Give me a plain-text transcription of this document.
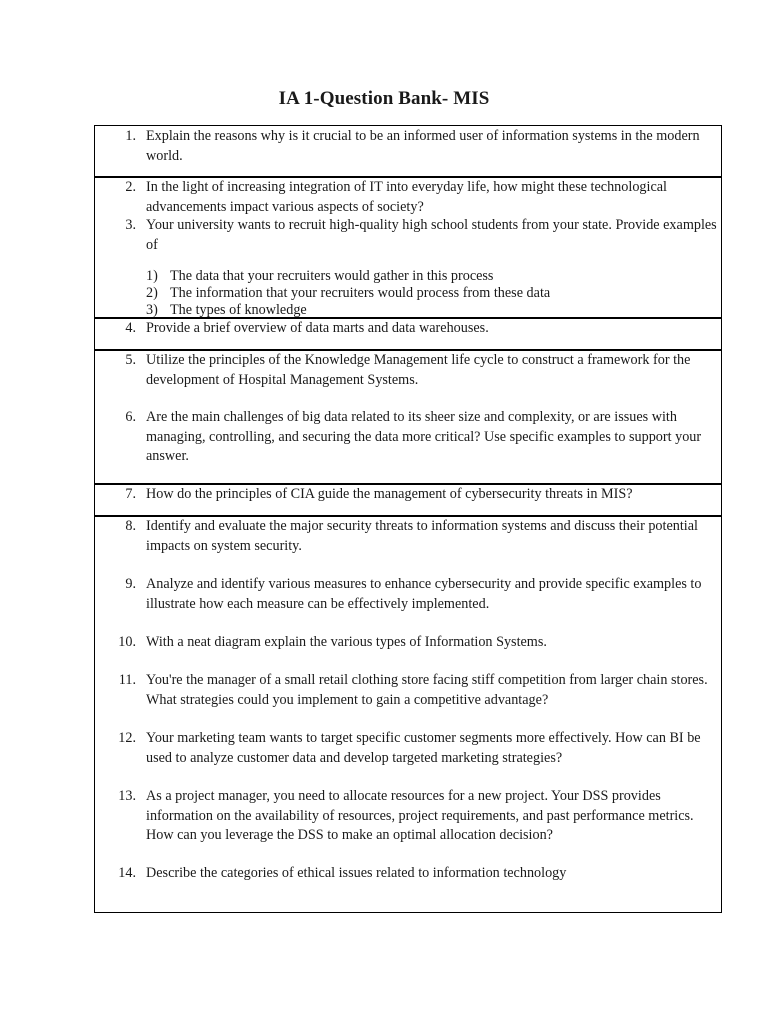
IA 1-Question Bank- MIS
1. Explain the reasons why is it crucial to be an informed user of information systems in the modern world.
2. In the light of increasing integration of IT into everyday life, how might these technological advancements impact various aspects of society?
3. Your university wants to recruit high-quality high school students from your state. Provide examples of
1) The data that your recruiters would gather in this process
2) The information that your recruiters would process from these data
3) The types of knowledge
4. Provide a brief overview of data marts and data warehouses.
5. Utilize the principles of the Knowledge Management life cycle to construct a framework for the development of Hospital Management Systems.
6. Are the main challenges of big data related to its sheer size and complexity, or are issues with managing, controlling, and securing the data more critical? Use specific examples to support your answer.
7. How do the principles of CIA guide the management of cybersecurity threats in MIS?
8. Identify and evaluate the major security threats to information systems and discuss their potential impacts on system security.
9. Analyze and identify various measures to enhance cybersecurity and provide specific examples to illustrate how each measure can be effectively implemented.
10. With a neat diagram explain the various types of Information Systems.
11. You're the manager of a small retail clothing store facing stiff competition from larger chain stores. What strategies could you implement to gain a competitive advantage?
12. Your marketing team wants to target specific customer segments more effectively. How can BI be used to analyze customer data and develop targeted marketing strategies?
13. As a project manager, you need to allocate resources for a new project. Your DSS provides information on the availability of resources, project requirements, and past performance metrics. How can you leverage the DSS to make an optimal allocation decision?
14. Describe the categories of ethical issues related to information technology
